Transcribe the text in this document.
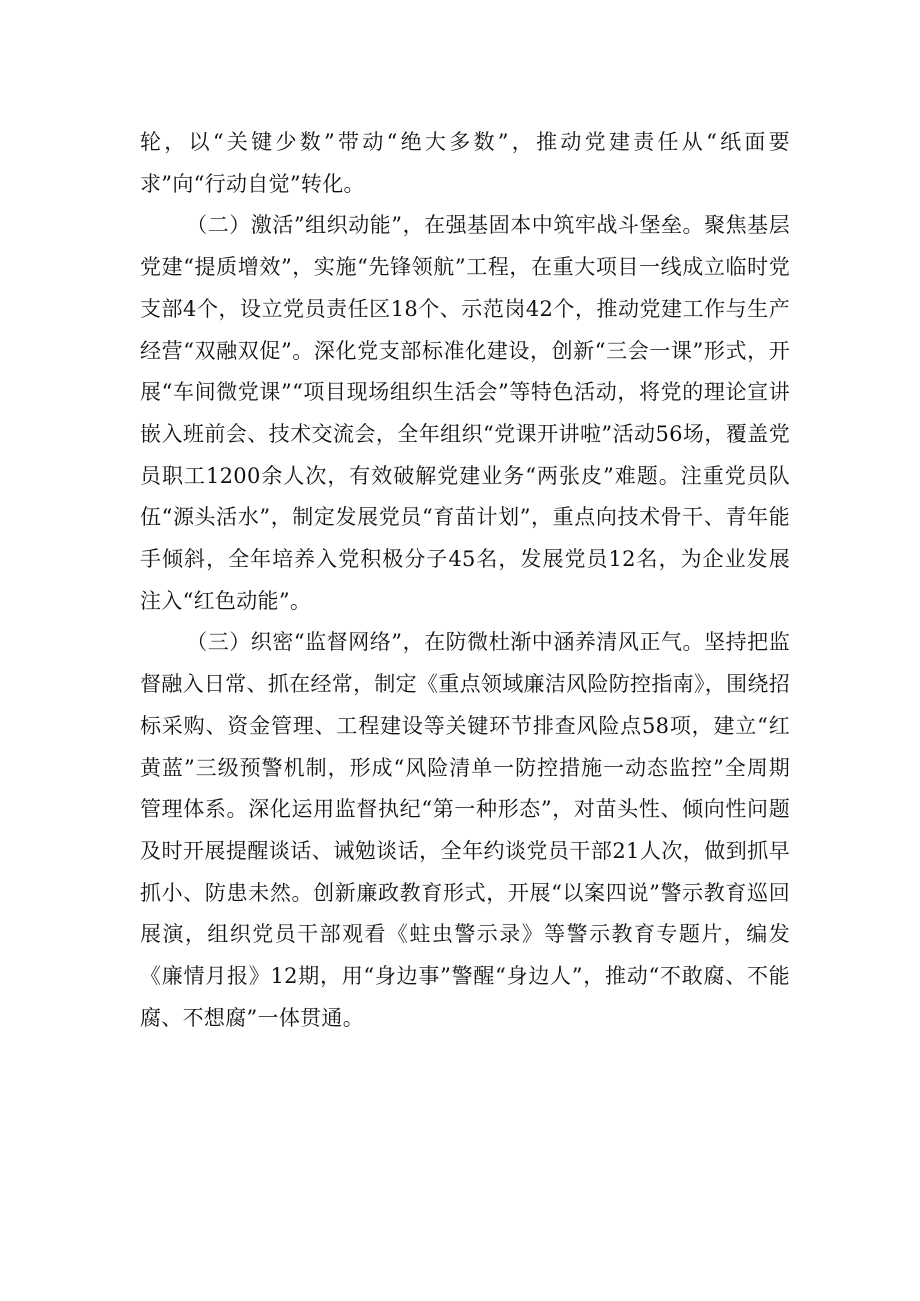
轮，以“关键少数”带动“绝大多数”，推动党建责任从“纸面要求”向“行动自觉”转化。

（二）激活”组织动能”，在强基固本中筑牢战斗堡垒。聚焦基层党建“提质增效”，实施“先锋领航”工程，在重大项目一线成立临时党支部4个，设立党员责任区18个、示范岗42个，推动党建工作与生产经营“双融双促”。深化党支部标准化建设，创新“三会一课”形式，开展“车间微党课”“项目现场组织生活会”等特色活动，将党的理论宣讲嵌入班前会、技术交流会，全年组织“党课开讲啦”活动56场，覆盖党员职工1200余人次，有效破解党建业务“两张皮”难题。注重党员队伍“源头活水”，制定发展党员“育苗计划”，重点向技术骨干、青年能手倾斜，全年培养入党积极分子45名，发展党员12名，为企业发展注入“红色动能”。

（三）织密“监督网络”，在防微杜渐中涵养清风正气。坚持把监督融入日常、抓在经常，制定《重点领域廉洁风险防控指南》，围绕招标采购、资金管理、工程建设等关键环节排查风险点58项，建立“红黄蓝”三级预警机制，形成“风险清单一防控措施一动态监控”全周期管理体系。深化运用监督执纪“第一种形态”，对苗头性、倾向性问题及时开展提醒谈话、诫勉谈话，全年约谈党员干部21人次，做到抓早抓小、防患未然。创新廉政教育形式，开展“以案四说”警示教育巡回展演，组织党员干部观看《蛀虫警示录》等警示教育专题片，编发《廉情月报》12期，用“身边事”警醒“身边人”，推动“不敢腐、不能腐、不想腐”一体贯通。
